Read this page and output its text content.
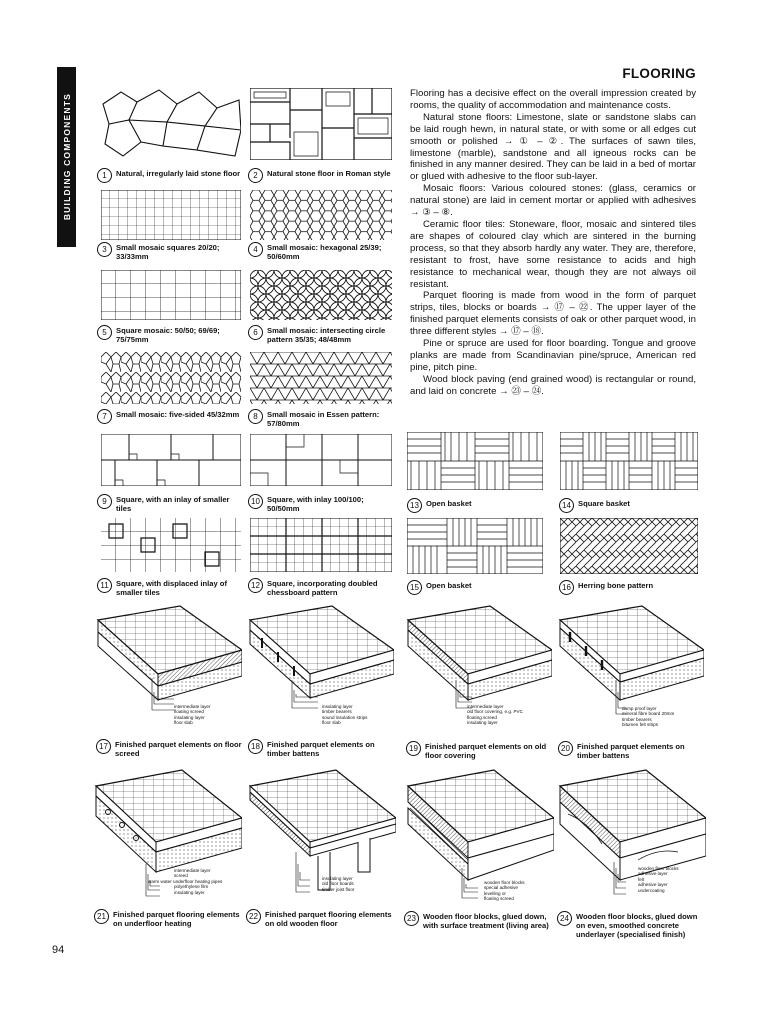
BUILDING COMPONENTS
FLOORING

Flooring has a decisive effect on the overall impression created by rooms, the quality of accommodation and maintenance costs.

Natural stone floors: Limestone, slate or sandstone slabs can be laid rough hewn, in natural state, or with some or all edges cut smooth or polished → ① – ②. The surfaces of sawn tiles, limestone (marble), sandstone and all igneous rocks can be finished in any manner desired. They can be laid in a bed of mortar or glued with adhesive to the floor sub-layer.

Mosaic floors: Various coloured stones: (glass, ceramics or natural stone) are laid in cement mortar or applied with adhesives → ③ – ⑧.

Ceramic floor tiles: Stoneware, floor, mosaic and sintered tiles are shapes of coloured clay which are sintered in the burning process, so that they absorb hardly any water. They are, therefore, resistant to frost, have some resistance to acids and high resistance to mechanical wear, though they are not always oil resistant.

Parquet flooring is made from wood in the form of parquet strips, tiles, blocks or boards → ⑰ – ㉒. The upper layer of the finished parquet elements consists of oak or other parquet wood, in three different styles → ⑰ – ⑱.

Pine or spruce are used for floor boarding. Tongue and groove planks are made from Scandinavian pine/spruce, American red pine, pitch pine.

Wood block paving (end grained wood) is rectangular or round, and laid on concrete → ㉓ – ㉔.

94
1	Natural, irregularly laid stone floor	2	Natural stone floor in Roman style
3	Small mosaic squares 20/20; 33/33mm
4	Small mosaic: hexagonal 25/39; 50/60mm
5	Square mosaic: 50/50; 69/69; 75/75mm
6	Small mosaic: intersecting circle pattern 35/35; 48/48mm
7	Small mosaic: five-sided 45/32mm	8	Small mosaic in Essen pattern: 57/80mm
9	Square, with an inlay of smaller tiles
10 Square, with inlay 100/100; 50/50mm
11 Square, with displaced inlay of smaller tiles
12 Square, incorporating doubled chessboard pattern
13 Open basket	14 Square basket
15 Open basket	16 Herring bone pattern
intermediate layer
floating screed
insulating layer
floor slab
17 Finished parquet elements on floor screed
insulating layer
timber bearers
sound insulation strips
floor slab
18 Finished parquet elements on timber battens
intermediate layer
old floor covering, e.g. PVC
floating screed
insulating layer
19 Finished parquet elements on old floor covering
damp proof layer
mineral fibre board 20mm
timber bearers
bitumen felt strips
20 Finished parquet elements on timber battens
intermediate layer
screed
warm water underfloor heating pipes
polyethylene film
insulating layer
21 Finished parquet flooring elements on underfloor heating
insulating layer
old floor boards
timber joist floor
22 Finished parquet flooring elements on old wooden floor
wooden floor blocks
special adhesive
levelling or
floating screed
23 Wooden floor blocks, glued down, with surface treatment (living area)
wooden floor blocks
adhesive layer
felt
adhesive layer
undercoating
24 Wooden floor blocks, glued down on even, smoothed concrete underlayer (specialised finish)
